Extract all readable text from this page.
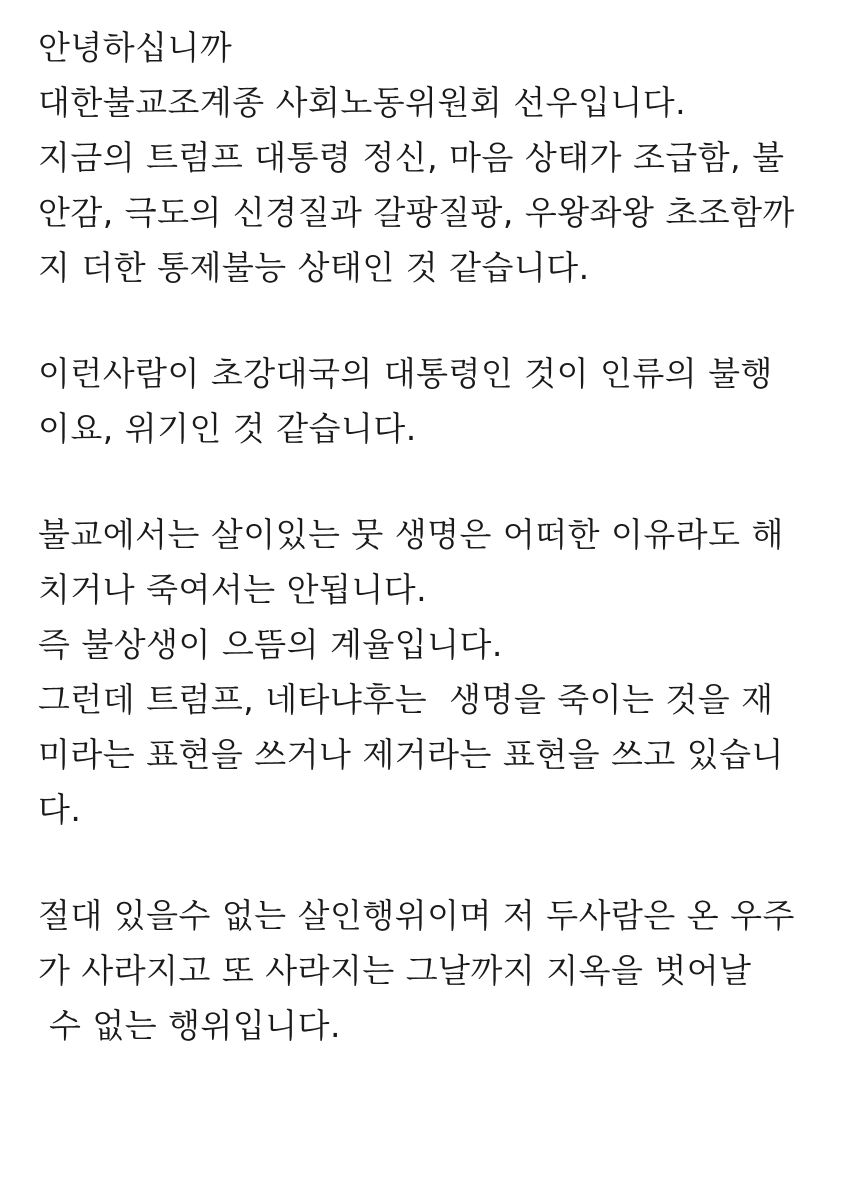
안녕하십니까

대한불교조계종 사회노동위원회 선우입니다.

지금의 트럼프 대통령 정신, 마음 상태가 조급함, 불

안감, 극도의 신경질과 갈팡질팡, 우왕좌왕 초조함까

지 더한 통제불능 상태인 것 같습니다.

이런사람이 초강대국의 대통령인 것이 인류의 불행

이요, 위기인 것 같습니다.

불교에서는 살이있는 뭇 생명은 어떠한 이유라도 해

치거나 죽여서는 안됩니다.

즉 불상생이 으뜸의 계율입니다.

그런데 트럼프, 네타냐후는  생명을 죽이는 것을 재

미라는 표현을 쓰거나 제거라는 표현을 쓰고 있습니

다.

절대 있을수 없는 살인행위이며 저 두사람은 온 우주

가 사라지고 또 사라지는 그날까지 지옥을 벗어날

수 없는 행위입니다.
